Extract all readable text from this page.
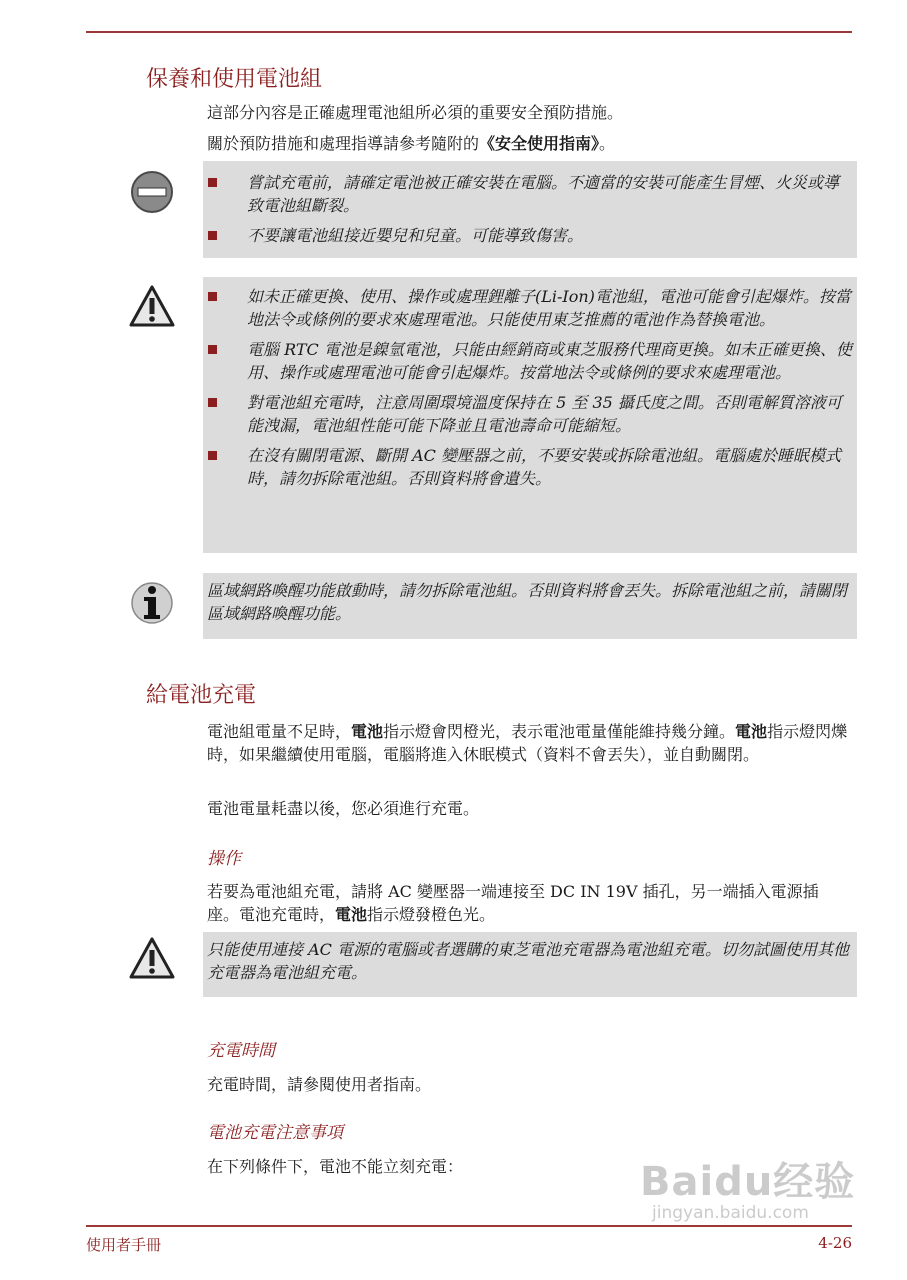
保養和使用電池組

這部分內容是正確處理電池組所必須的重要安全預防措施。

關於預防措施和處理指導請參考隨附的《安全使用指南》。

嘗試充電前，請確定電池被正確安裝在電腦。不適當的安裝可能產生冒煙、火災或導致電池組斷裂。
不要讓電池組接近嬰兒和兒童。可能導致傷害。
如未正確更換、使用、操作或處理鋰離子(Li-Ion)電池組，電池可能會引起爆炸。按當地法令或條例的要求來處理電池。只能使用東芝推薦的電池作為替換電池。
電腦 RTC 電池是鎳氫電池，只能由經銷商或東芝服務代理商更換。如未正確更換、使用、操作或處理電池可能會引起爆炸。按當地法令或條例的要求來處理電池。
對電池組充電時，注意周圍環境溫度保持在 5 至 35 攝氏度之間。否則電解質溶液可能洩漏，電池組性能可能下降並且電池壽命可能縮短。
在沒有關閉電源、斷開 AC 變壓器之前，不要安裝或拆除電池組。電腦處於睡眠模式時，請勿拆除電池組。否則資料將會遺失。
區域網路喚醒功能啟動時，請勿拆除電池組。否則資料將會丟失。拆除電池組之前，請關閉區域網路喚醒功能。
給電池充電

電池組電量不足時，電池指示燈會閃橙光，表示電池電量僅能維持幾分鐘。電池指示燈閃爍時，如果繼續使用電腦，電腦將進入休眠模式（資料不會丟失），並自動關閉。

電池電量耗盡以後，您必須進行充電。

操作

若要為電池組充電，請將 AC 變壓器一端連接至 DC IN 19V 插孔，另一端插入電源插座。電池充電時，電池指示燈發橙色光。

只能使用連接 AC 電源的電腦或者選購的東芝電池充電器為電池組充電。切勿試圖使用其他充電器為電池組充電。

充電時間

充電時間，請參閱使用者指南。

電池充電注意事項

在下列條件下，電池不能立刻充電：	Baidu经验
jingyan.baidu.com
使用者手冊	4-26
